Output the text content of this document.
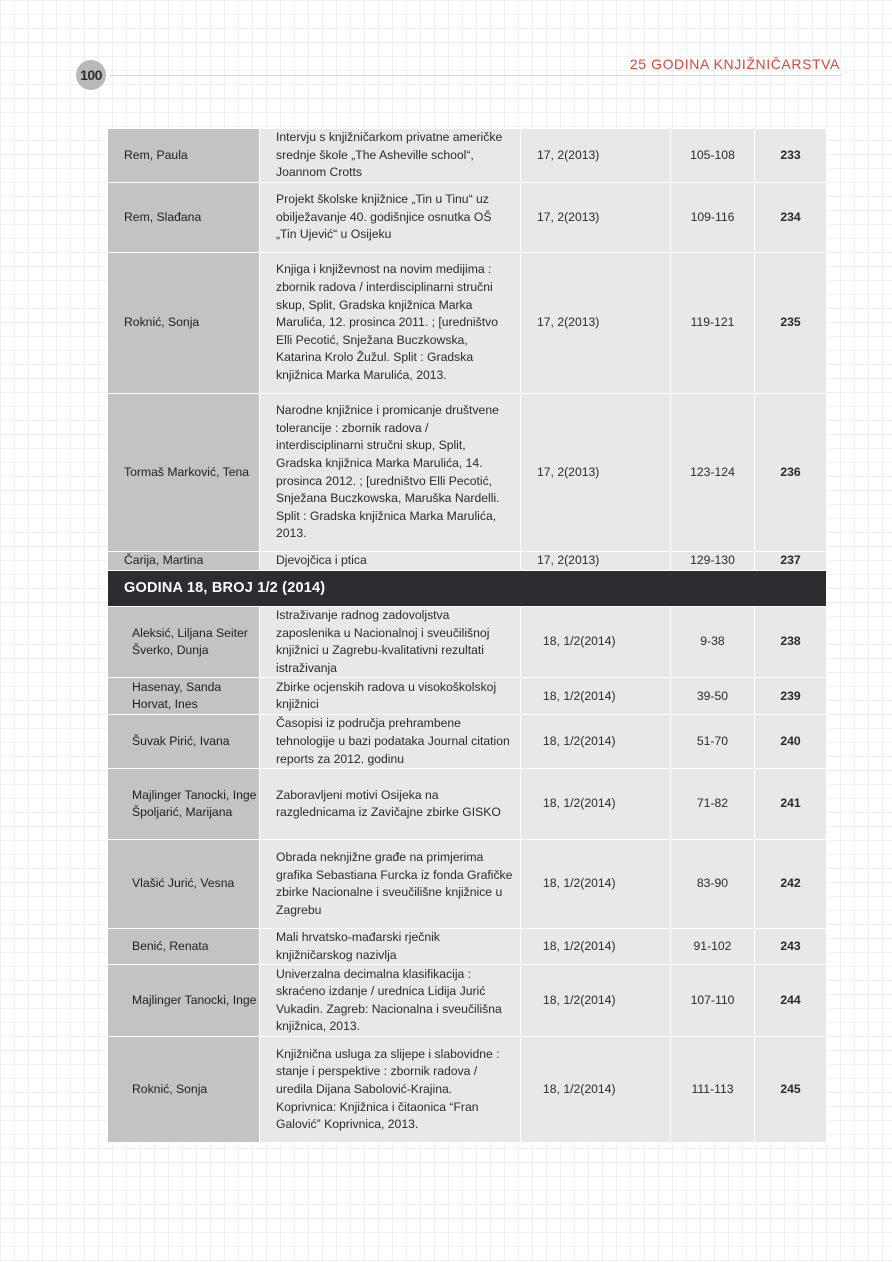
100
25 GODINA KNJIŽNIČARSTVA
Rem, Paula	Intervju s knjižničarkom privatne američke srednje škole „The Asheville school“, Joannom Crotts	17, 2(2013)	105-108	233
Rem, Slađana	Projekt školske knjižnice „Tin u Tinu“ uz obilježavanje 40. godišnjice osnutka OŠ „Tin Ujević“ u Osijeku	17, 2(2013)	109-116	234
Roknić, Sonja	Knjiga i književnost na novim medijima : zbornik radova / interdisciplinarni stručni skup, Split, Gradska knjižnica Marka Marulića, 12. prosinca 2011. ; [uredništvo Elli Pecotić, Snježana Buczkowska, Katarina Krolo Žužul. Split : Gradska knjižnica Marka Marulića, 2013.	17, 2(2013)	119-121	235
Tormaš Marković, Tena	Narodne knjižnice i promicanje društvene tolerancije : zbornik radova / interdisciplinarni stručni skup, Split, Gradska knjižnica Marka Marulića, 14. prosinca 2012. ; [uredništvo Elli Pecotić, Snježana Buczkowska, Maruška Nardelli. Split : Gradska knjižnica Marka Marulića, 2013.	17, 2(2013)	123-124	236
Čarija, Martina	Djevojčica i ptica	17, 2(2013)	129-130	237
GODINA 18, BROJ 1/2 (2014)				
Aleksić, Liljana Seiter Šverko, Dunja	Istraživanje radnog zadovoljstva zaposlenika u Nacionalnoj i sveučilišnoj knjižnici u Zagrebu-kvalitativni rezultati istraživanja	18, 1/2(2014)	9-38	238
Hasenay, Sanda Horvat, Ines	Zbirke ocjenskih radova u visokoškolskoj knjižnici	18, 1/2(2014)	39-50	239
Šuvak Pirić, Ivana	Časopisi iz područja prehrambene tehnologije u bazi podataka Journal citation reports za 2012. godinu	18, 1/2(2014)	51-70	240
Majlinger Tanocki, Inge Špoljarić, Marijana	Zaboravljeni motivi Osijeka na razglednicama iz Zavičajne zbirke GISKO	18, 1/2(2014)	71-82	241
Vlašić Jurić, Vesna	Obrada neknjižne građe na primjerima grafika Sebastiana Furcka iz fonda Grafičke zbirke Nacionalne i sveučilišne knjižnice u Zagrebu	18, 1/2(2014)	83-90	242
Benić, Renata	Mali hrvatsko-mađarski rječnik knjižničarskog nazivlja	18, 1/2(2014)	91-102	243
Majlinger Tanocki, Inge	Univerzalna decimalna klasifikacija : skraćeno izdanje / urednica Lidija Jurić Vukadin. Zagreb: Nacionalna i sveučilišna knjižnica, 2013.	18, 1/2(2014)	107-110	244
Roknić, Sonja	Knjižnična usluga za slijepe i slabovidne : stanje i perspektive : zbornik radova / uredila Dijana Sabolović-Krajina. Koprivnica: Knjižnica i čitaonica “Fran Galović” Koprivnica, 2013.	18, 1/2(2014)	111-113	245
